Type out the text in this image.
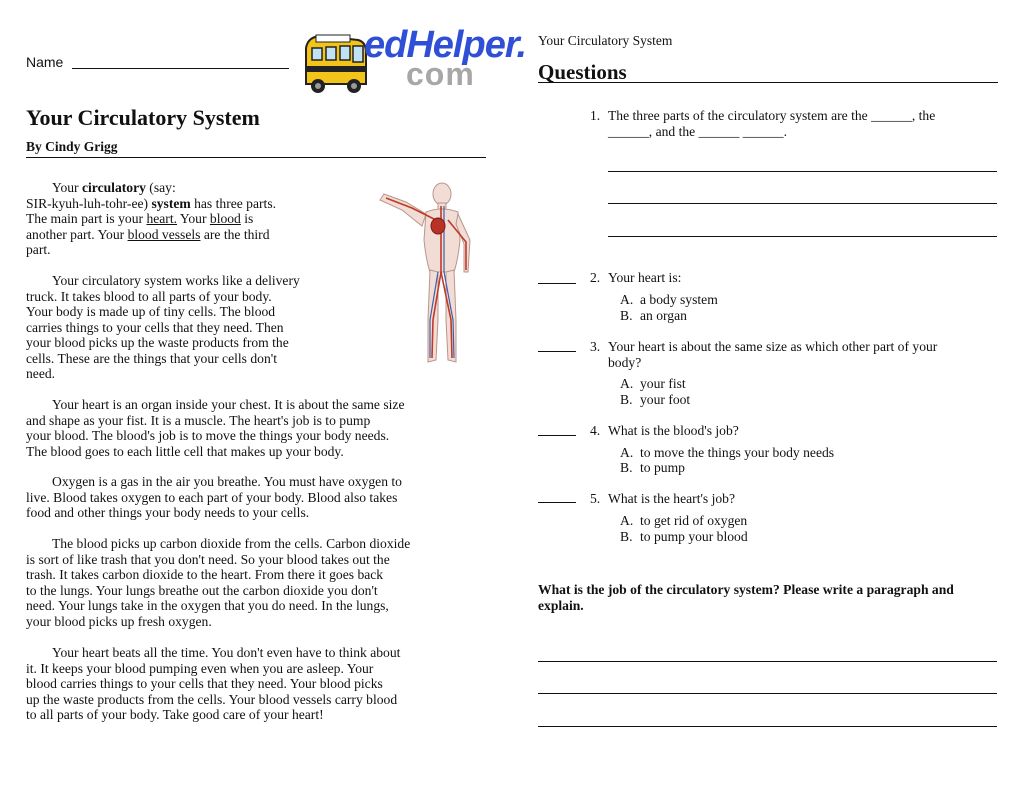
Name	edHelper.
com
Your Circulatory System
By Cindy Grigg
Your circulatory (say:
SIR-kyuh-luh-tohr-ee) system has three parts.
The main part is your heart. Your blood is
another part. Your blood vessels are the third
part.
Your circulatory system works like a delivery
truck. It takes blood to all parts of your body.
Your body is made up of tiny cells. The blood
carries things to your cells that they need. Then
your blood picks up the waste products from the
cells. These are the things that your cells don't
need.
Your heart is an organ inside your chest. It is about the same size
and shape as your fist. It is a muscle. The heart's job is to pump
your blood. The blood's job is to move the things your body needs.
The blood goes to each little cell that makes up your body.
Oxygen is a gas in the air you breathe. You must have oxygen to
live. Blood takes oxygen to each part of your body. Blood also takes
food and other things your body needs to your cells.
The blood picks up carbon dioxide from the cells. Carbon dioxide
is sort of like trash that you don't need. So your blood takes out the
trash. It takes carbon dioxide to the heart. From there it goes back
to the lungs. Your lungs breathe out the carbon dioxide you don't
need. Your lungs take in the oxygen that you do need. In the lungs,
your blood picks up fresh oxygen.
Your heart beats all the time. You don't even have to think about
it. It keeps your blood pumping even when you are asleep. Your
blood carries things to your cells that they need. Your blood picks
up the waste products from the cells. Your blood vessels carry blood
to all parts of your body. Take good care of your heart!
Your Circulatory System
Questions
1. The three parts of the circulatory system are the ______, the
______, and the ______ ______.
2. Your heart is:
A. a body system
B. an organ
3. Your heart is about the same size as which other part of your
body?
A. your fist
B. your foot
4. What is the blood's job?
A. to move the things your body needs
B. to pump
5. What is the heart's job?
A. to get rid of oxygen
B. to pump your blood
What is the job of the circulatory system? Please write a paragraph and explain.
